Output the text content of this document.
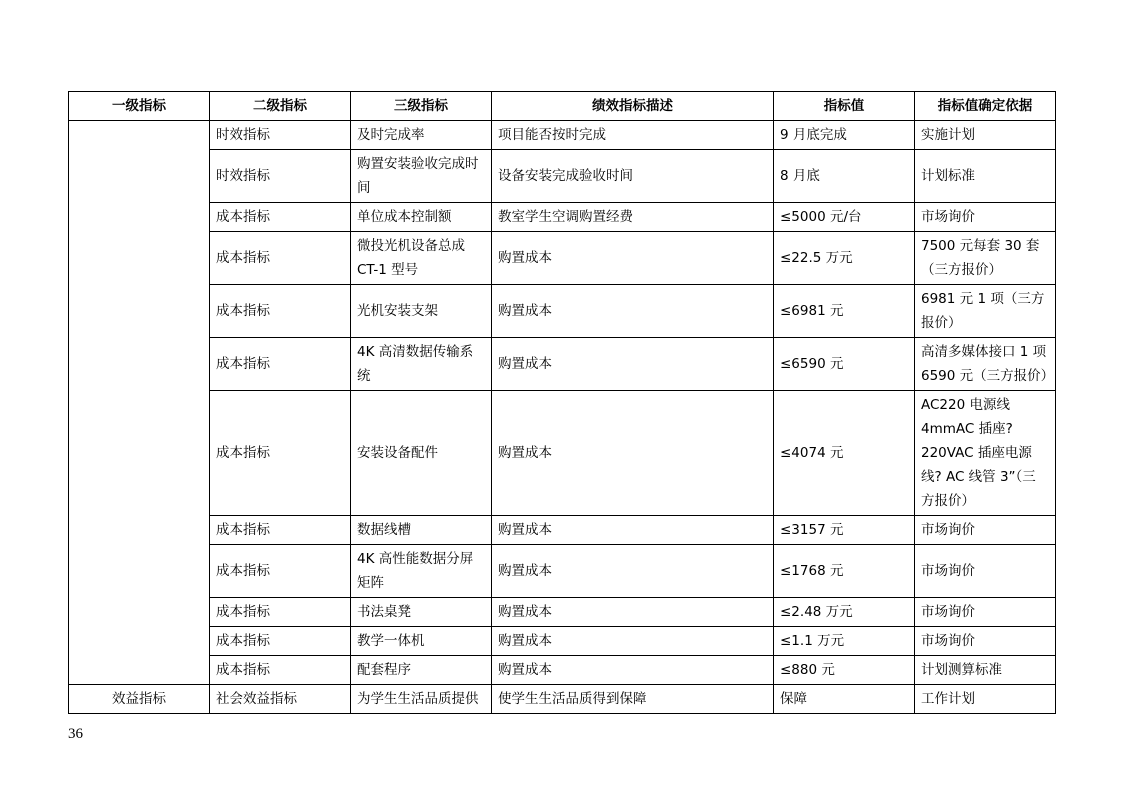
一级指标	二级指标	三级指标	绩效指标描述	指标值	指标值确定依据
	时效指标	及时完成率	项目能否按时完成	9 月底完成	实施计划
	时效指标	购置安装验收完成时间	设备安装完成验收时间	8 月底	计划标准
	成本指标	单位成本控制额	教室学生空调购置经费	≤5000 元/台	市场询价
	成本指标	微投光机设备总成 CT-1 型号	购置成本	≤22.5 万元	7500 元每套 30 套（三方报价）
	成本指标	光机安装支架	购置成本	≤6981 元	6981 元 1 项（三方报价）
	成本指标	4K 高清数据传输系统	购置成本	≤6590 元	高清多媒体接口 1 项 6590 元（三方报价）
	成本指标	安装设备配件	购置成本	≤4074 元	AC220 电源线 4mmAC 插座? 220VAC 插座电源线? AC 线管 3”（三方报价）
	成本指标	数据线槽	购置成本	≤3157 元	市场询价
	成本指标	4K 高性能数据分屏矩阵	购置成本	≤1768 元	市场询价
	成本指标	书法桌凳	购置成本	≤2.48 万元	市场询价
	成本指标	教学一体机	购置成本	≤1.1 万元	市场询价
	成本指标	配套程序	购置成本	≤880 元	计划测算标准
效益指标	社会效益指标	为学生生活品质提供	使学生生活品质得到保障	保障	工作计划
36
